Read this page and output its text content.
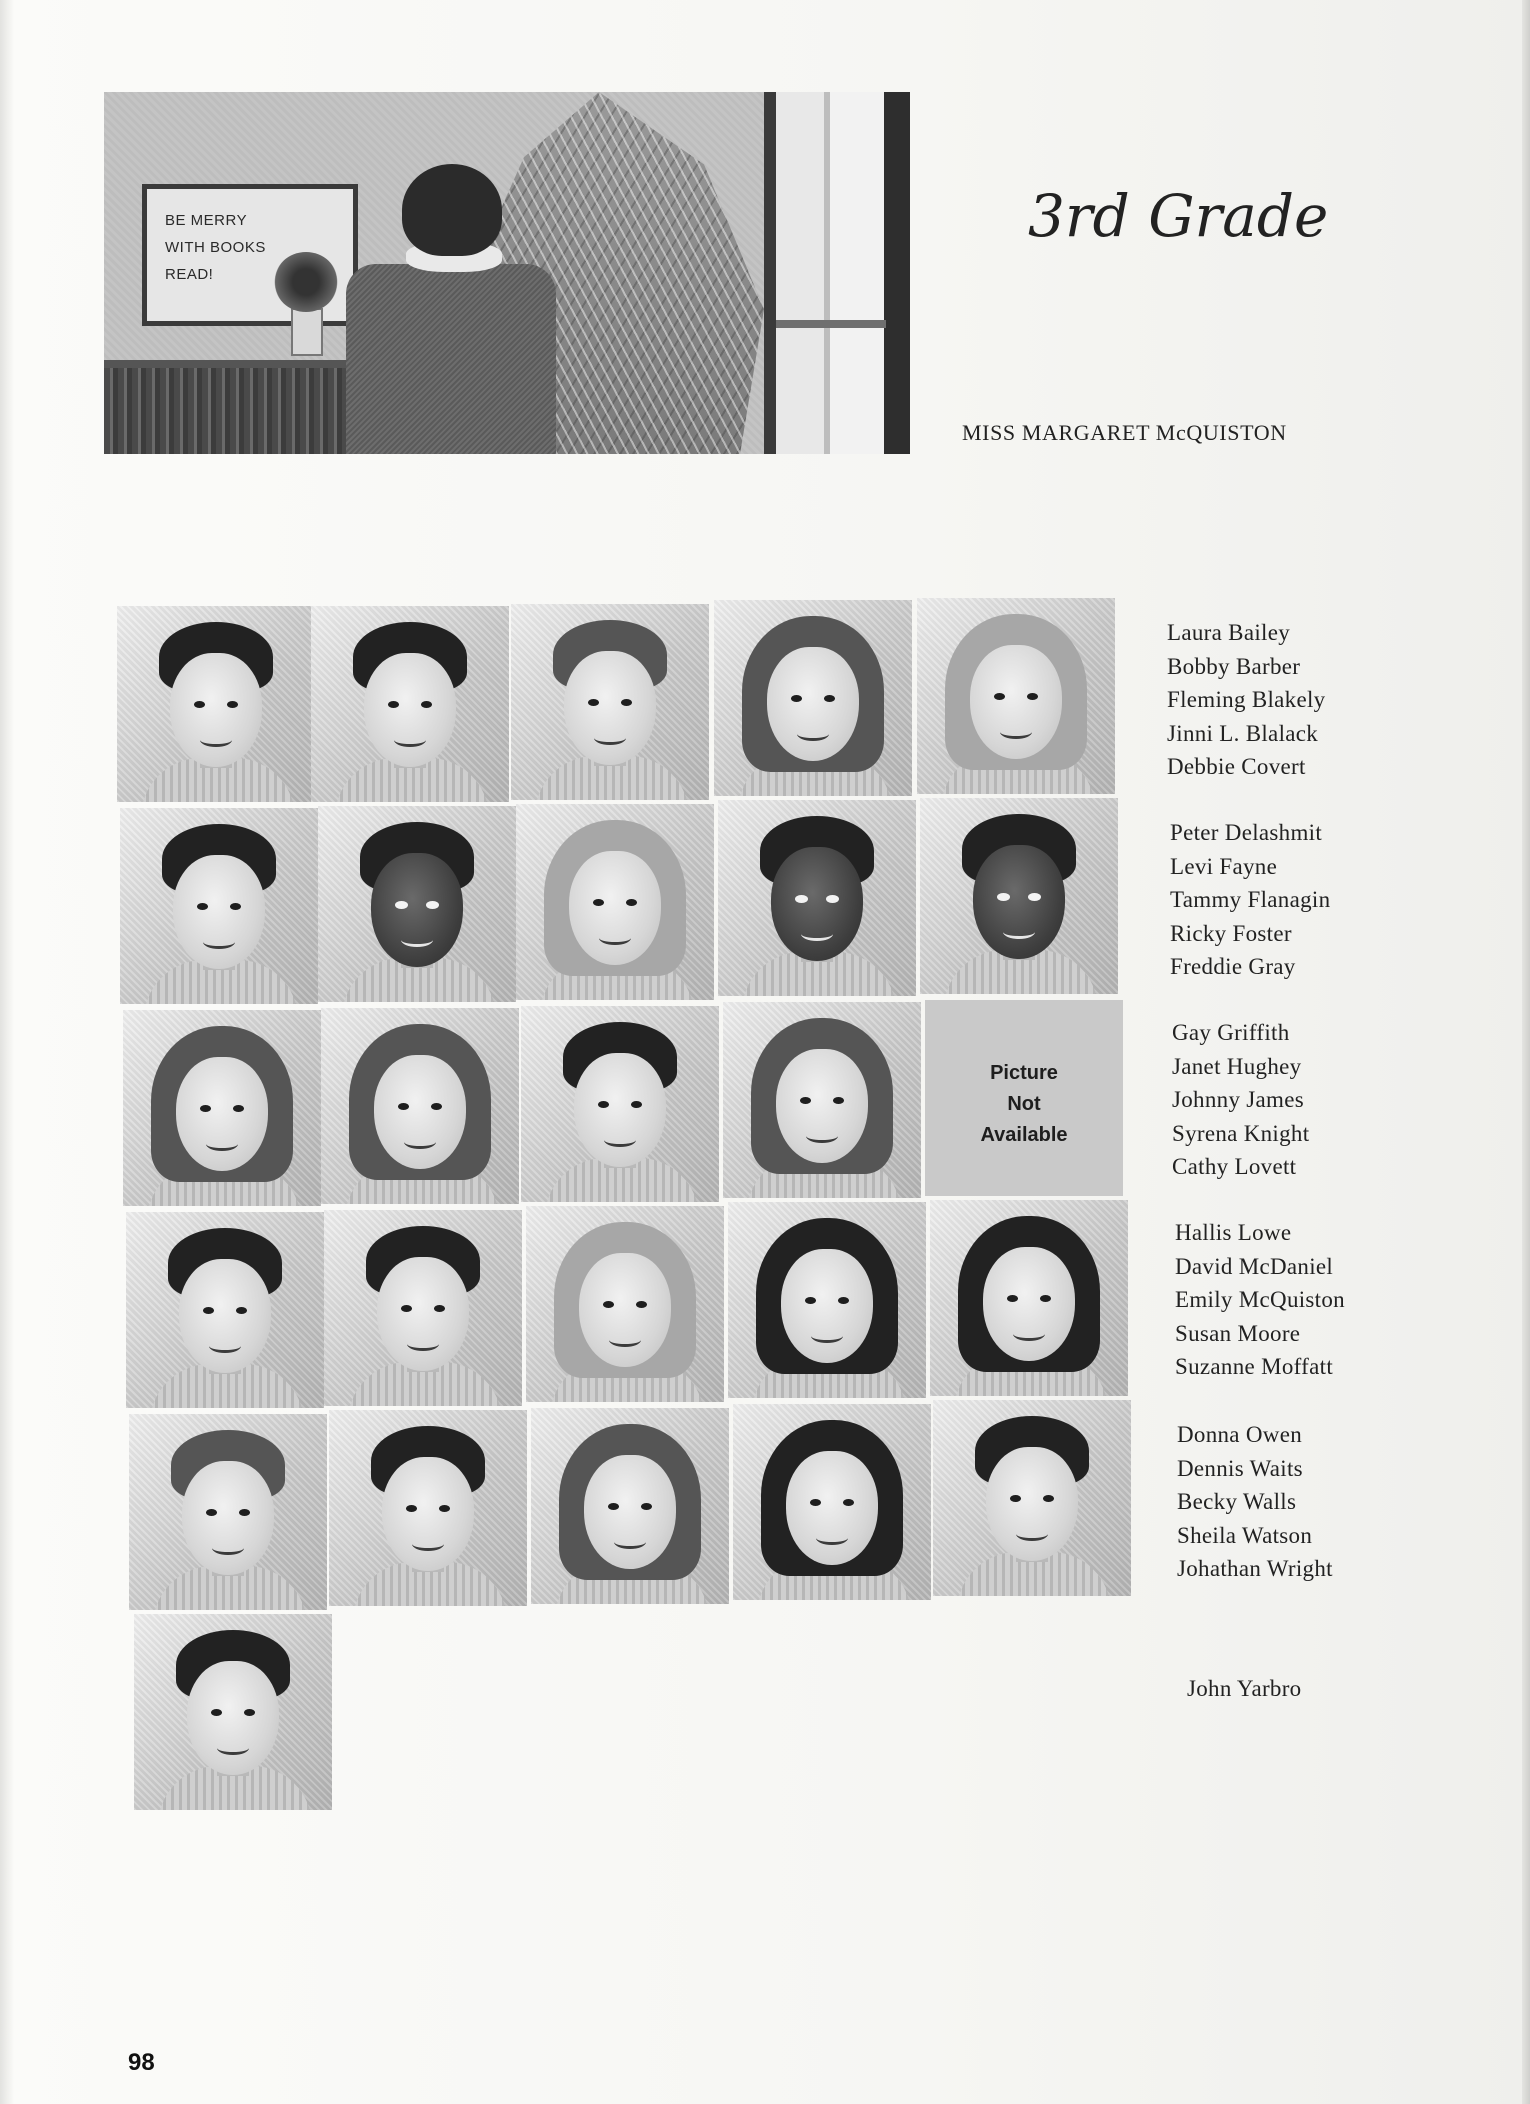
BE MERRY
WITH BOOKS
READ!
3rd Grade
MISS MARGARET McQUISTON
Picture
Not
Available
Laura Bailey
Bobby Barber
Fleming Blakely
Jinni L. Blalack
Debbie Covert
Peter Delashmit
Levi Fayne
Tammy Flanagin
Ricky Foster
Freddie Gray
Gay Griffith
Janet Hughey
Johnny James
Syrena Knight
Cathy Lovett
Hallis Lowe
David McDaniel
Emily McQuiston
Susan Moore
Suzanne Moffatt
Donna Owen
Dennis Waits
Becky Walls
Sheila Watson
Johathan Wright
John Yarbro
98
